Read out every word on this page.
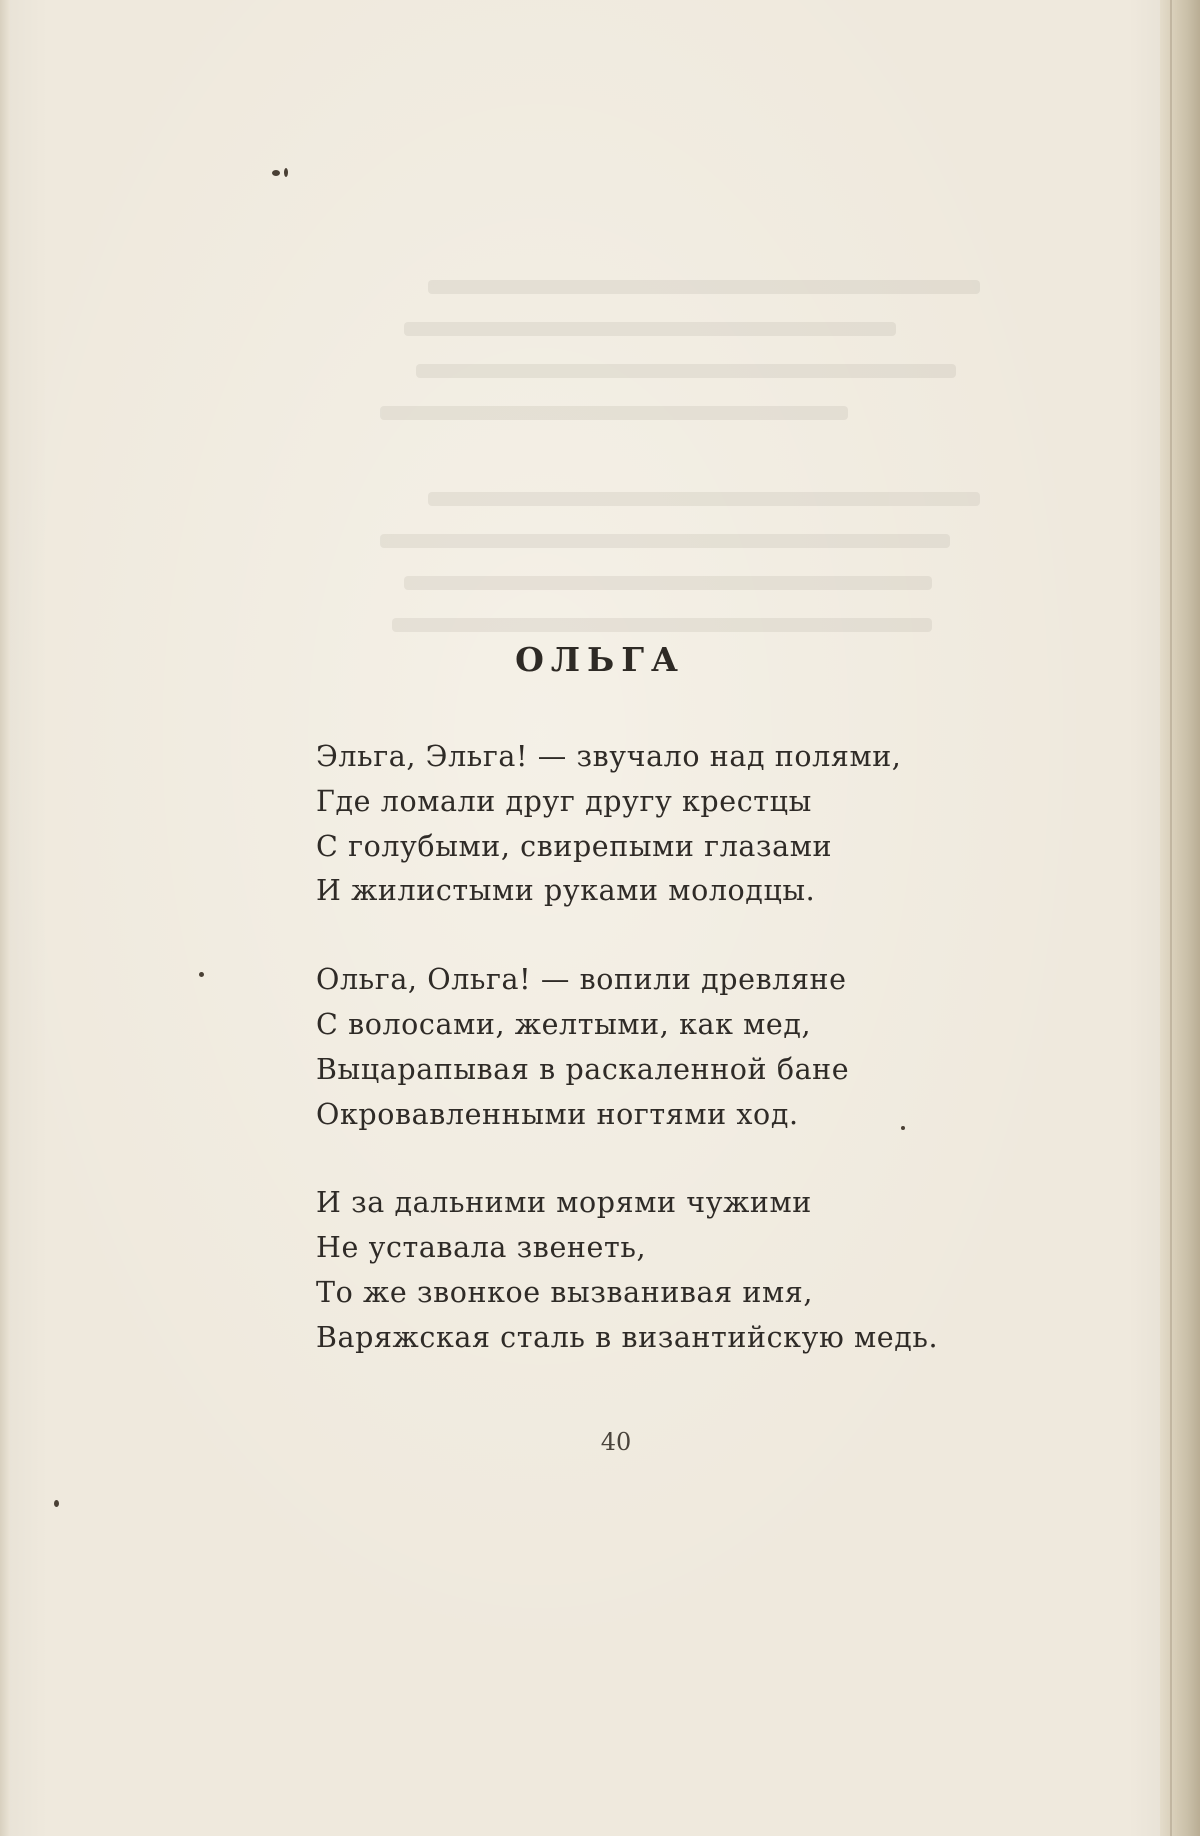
ОЛЬГА
Эльга, Эльга! — звучало над полями,
Где ломали друг другу крестцы
С голубыми, свирепыми глазами
И жилистыми руками молодцы.
Ольга, Ольга! — вопили древляне
С волосами, желтыми, как мед,
Выцарапывая в раскаленной бане
Окровавленными ногтями ход.
И за дальними морями чужими
Не уставала звенеть,
То же звонкое вызванивая имя,
Варяжская сталь в византийскую медь.
40
